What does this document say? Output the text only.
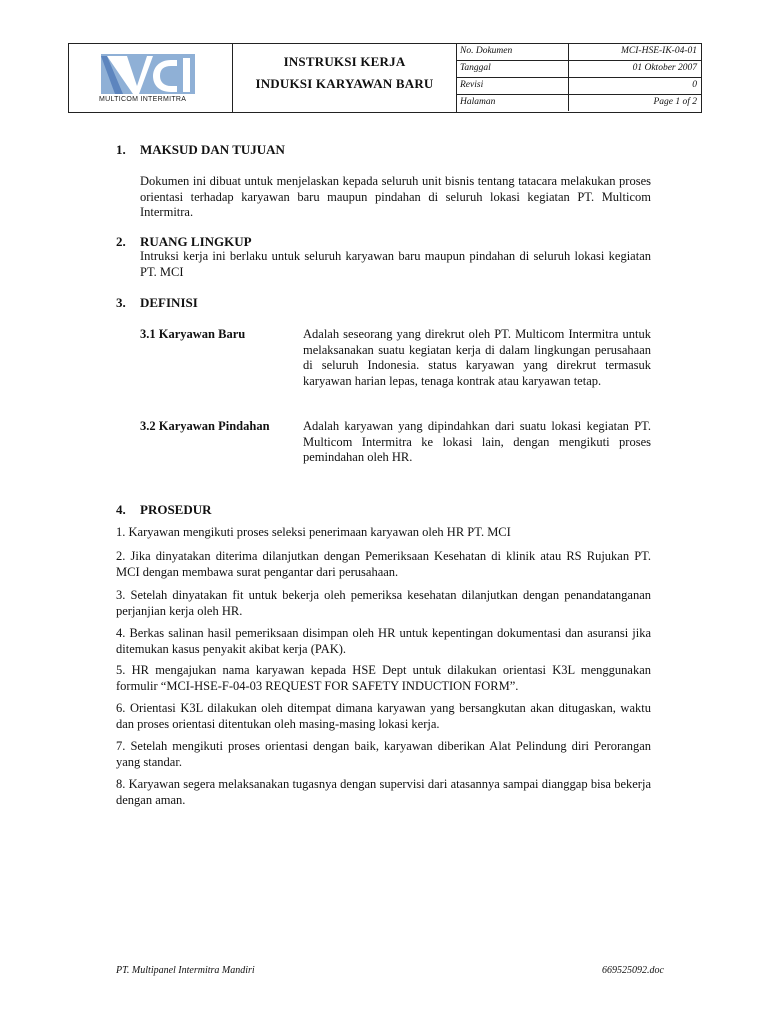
MULTICOM INTERMITRA
INSTRUKSI KERJA
INDUKSI KARYAWAN BARU
No. Dokumen	MCI-HSE-IK-04-01
Tanggal	01 Oktober 2007
Revisi	0
Halaman	Page 1 of 2
1. MAKSUD DAN TUJUAN
Dokumen ini dibuat untuk menjelaskan kepada seluruh unit bisnis tentang tatacara melakukan proses orientasi terhadap karyawan baru maupun pindahan di seluruh lokasi kegiatan PT. Multicom Intermitra.
2. RUANG LINGKUP
Intruksi kerja ini berlaku untuk seluruh karyawan baru maupun pindahan di seluruh lokasi kegiatan PT. MCI
3. DEFINISI
3.1 Karyawan Baru	Adalah seseorang yang direkrut oleh PT. Multicom Intermitra untuk melaksanakan suatu kegiatan kerja di dalam lingkungan perusahaan di seluruh Indonesia. status karyawan yang direkrut termasuk karyawan harian lepas, tenaga kontrak atau karyawan tetap.
3.2 Karyawan Pindahan	Adalah karyawan yang dipindahkan dari suatu lokasi kegiatan PT. Multicom Intermitra ke lokasi lain, dengan mengikuti proses pemindahan oleh HR.
4. PROSEDUR
1. Karyawan mengikuti proses seleksi penerimaan karyawan oleh HR PT. MCI
2. Jika dinyatakan diterima dilanjutkan dengan Pemeriksaan Kesehatan di klinik atau RS Rujukan PT. MCI dengan membawa surat pengantar dari perusahaan.
3. Setelah dinyatakan fit untuk bekerja oleh pemeriksa kesehatan dilanjutkan dengan penandatanganan perjanjian kerja oleh HR.
4. Berkas salinan hasil pemeriksaan disimpan oleh HR untuk kepentingan dokumentasi dan asuransi jika ditemukan kasus penyakit akibat kerja (PAK).
5. HR mengajukan nama karyawan kepada HSE Dept untuk dilakukan orientasi K3L menggunakan formulir “MCI-HSE-F-04-03 REQUEST FOR SAFETY INDUCTION FORM”.
6. Orientasi K3L dilakukan oleh ditempat dimana karyawan yang bersangkutan akan ditugaskan, waktu dan proses orientasi ditentukan oleh masing-masing lokasi kerja.
7. Setelah mengikuti proses orientasi dengan baik, karyawan diberikan Alat Pelindung diri Perorangan yang standar.
8. Karyawan segera melaksanakan tugasnya dengan supervisi dari atasannya sampai dianggap bisa bekerja dengan aman.
PT. Multipanel Intermitra Mandiri	669525092.doc
